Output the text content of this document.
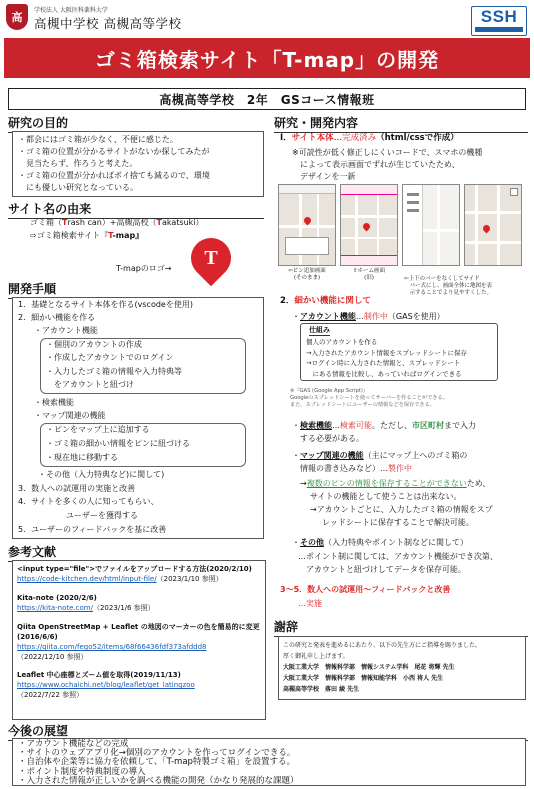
高
学校法人 大阪医科薬科大学
高槻中学校 高槻高等学校	SSH
ゴミ箱検索サイト「T-map」の開発
高槻高等学校　2年　GSコース情報班
研究の目的
・都会にはゴミ箱が少なく、不便に感じた。
・ゴミ箱の位置が分かるサイトがないか探してみたが
　見当たらず、作ろうと考えた。
・ゴミ箱の位置が分かればポイ捨ても減るので、環境
　にも優しい研究となっている。
サイト名の由来
ゴミ箱（Trash can）+高槻高校（Takatsuki）
⇨ゴミ箱検索サイト『T-map』
T-mapのロゴ→	T
開発手順
1．基礎となるサイト本体を作る(vscodeを使用)
2．細かい機能を作る
・アカウント機能
・個別のアカウントの作成
・作成したアカウントでのログイン
・入力したゴミ箱の情報や入力特典等
　をアカウントと紐づけ
・検索機能
・マップ関連の機能
・ピンをマップ上に追加する
・ゴミ箱の細かい情報をピンに紐づける
・現在地に移動する
・その他（入力特典など)に関して)
3．数人への試運用の実施と改善
4．サイトを多くの人に知ってもらい、
ユーザーを獲得する
5．ユーザーのフィードバックを基に改善
参考文献
<input type="file">でファイルをアップロードする方法(2020/2/10)
https://code-kitchen.dev/html/input-file/（2023/1/10 参照）
Kita-note (2020/2/6)
https://kita-note.com/（2023/1/6 参照）
Qiita OpenStreetMap + Leaflet の地図のマーカーの色を簡易的に変更(2016/6/6)
https://qiita.com/fego52/items/68f66436fdf373afddd8
（2022/12/10 参照）
Leaflet 中心座標とズーム値を取得(2019/11/13)
https://www.ochaichi.net/blog/leaflet/get_latingzoo
（2022/7/22 参照）
研究・開発内容
Ⅰ．サイト本体…完成済み（html/cssで作成）
※可読性が低く修正しにくいコードで、スマホの機種
　によって表示画面でずれが生じていたため、
　デザインを一新
⇦ピン追加画面
(そのまま)
⇧ホーム画面
(旧)	⇦上下のバーをなくしてサイド
　バー式にし、画面全体に地図を表
　示することでより見やすくした。
2．細かい機能に関して
・アカウント機能…制作中（GASを使用）
仕組み
個人のアカウントを作る
→入力されたアカウント情報をスプレッドシートに保存
→ログイン時に入力された情報と、スプレッドシート
　にある情報を比較し、あっていればログインできる
※『GAS (Google App Script)』
Googleのスプレッドシートを使ってサーバーを作ることができる。
また、スプレッドシートにユーザーの情報などを保存できる。
・検索機能…検索可能。ただし、市区町村まで入力
する必要がある。
・マップ関連の機能（主にマップ上へのゴミ箱の
情報の書き込みなど）…製作中
→複数のピンの情報を保存することができないため、
サイトの機能として使うことは出来ない。
→アカウントごとに、入力したゴミ箱の情報をスプ
レッドシートに保存することで解決可能。
・その他（入力特典やポイント制などに関して）
…ポイント制に関しては、アカウント機能ができ次第、
アカウントと紐づけしてデータを保存可能。
3～5．数人への試運用～フィードバックと改善
…実施
謝辞
この研究と発表を進めるにあたり、以下の先生方にご指導を賜りました。
厚く御礼申し上げます。
大阪工業大学　情報科学部　情報システム学科　尾花 将輝 先生
大阪工業大学　情報科学部　情報知能学科　小西 将人 先生
高槻高等学校　落田 綾 先生
今後の展望
・アカウント機能などの完成
・サイトのウェブアプリ化→個別のアカウントを作ってログインできる。
・自治体や企業等に協力を依頼して、「T-map特製ゴミ箱」を設置する。
・ポイント制度や特典制度の導入
・入力された情報が正しいかを調べる機能の開発（かなり発展的な課題）
